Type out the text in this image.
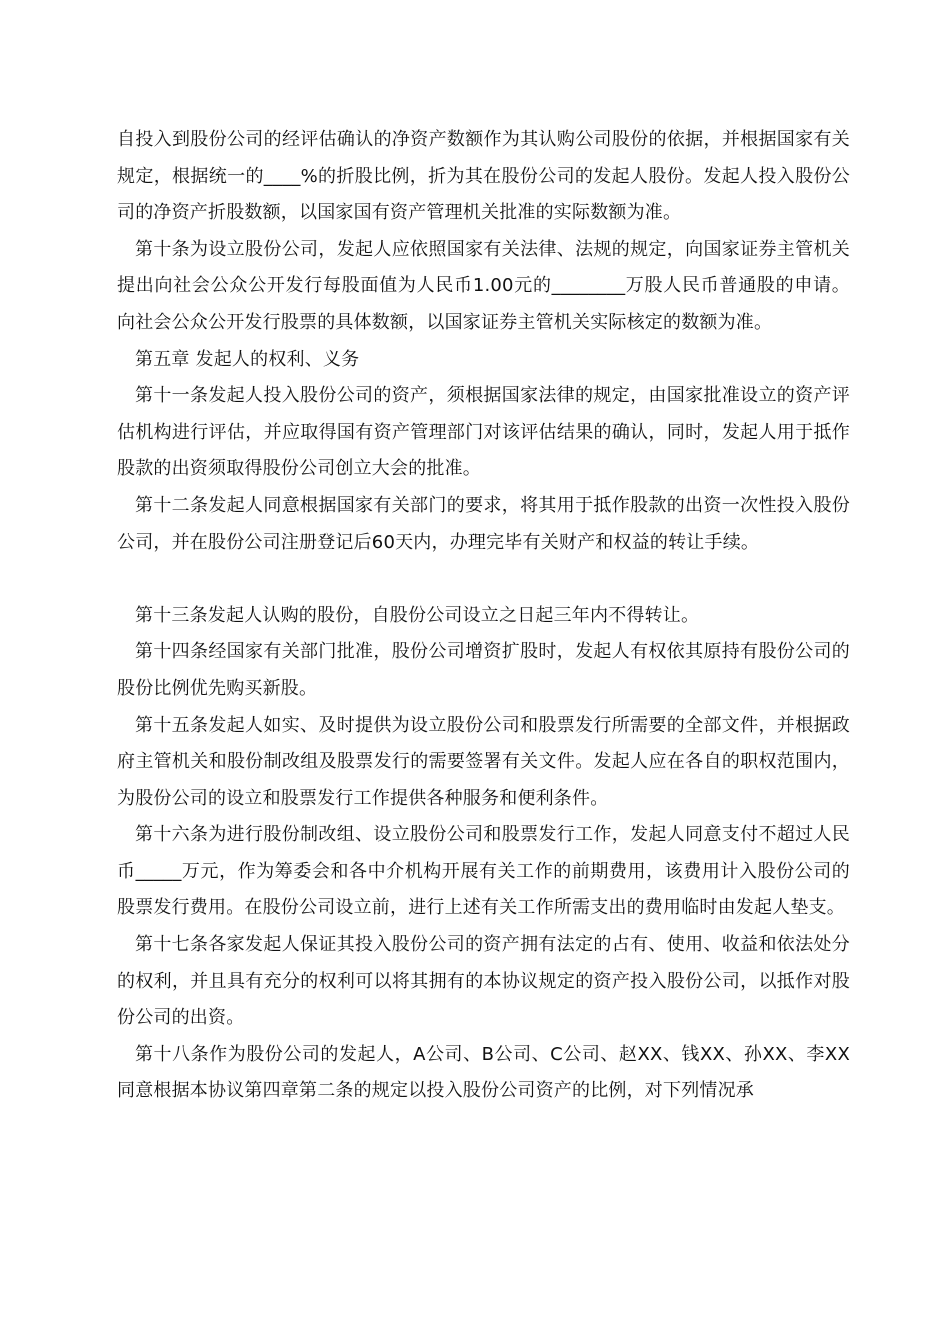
自投入到股份公司的经评估确认的净资产数额作为其认购公司股份的依据，并根据国家有关规定，根据统一的____%的折股比例，折为其在股份公司的发起人股份。发起人投入股份公司的净资产折股数额，以国家国有资产管理机关批准的实际数额为准。

第十条为设立股份公司，发起人应依照国家有关法律、法规的规定，向国家证券主管机关提出向社会公众公开发行每股面值为人民币1.00元的________万股人民币普通股的申请。向社会公众公开发行股票的具体数额，以国家证券主管机关实际核定的数额为准。

第五章 发起人的权利、义务

第十一条发起人投入股份公司的资产，须根据国家法律的规定，由国家批准设立的资产评估机构进行评估，并应取得国有资产管理部门对该评估结果的确认，同时，发起人用于抵作股款的出资须取得股份公司创立大会的批准。

第十二条发起人同意根据国家有关部门的要求，将其用于抵作股款的出资一次性投入股份公司，并在股份公司注册登记后60天内，办理完毕有关财产和权益的转让手续。

第十三条发起人认购的股份，自股份公司设立之日起三年内不得转让。

第十四条经国家有关部门批准，股份公司增资扩股时，发起人有权依其原持有股份公司的股份比例优先购买新股。

第十五条发起人如实、及时提供为设立股份公司和股票发行所需要的全部文件，并根据政府主管机关和股份制改组及股票发行的需要签署有关文件。发起人应在各自的职权范围内，为股份公司的设立和股票发行工作提供各种服务和便利条件。

第十六条为进行股份制改组、设立股份公司和股票发行工作，发起人同意支付不超过人民币_____万元，作为筹委会和各中介机构开展有关工作的前期费用，该费用计入股份公司的股票发行费用。在股份公司设立前，进行上述有关工作所需支出的费用临时由发起人垫支。

第十七条各家发起人保证其投入股份公司的资产拥有法定的占有、使用、收益和依法处分的权利，并且具有充分的权利可以将其拥有的本协议规定的资产投入股份公司，以抵作对股份公司的出资。

第十八条作为股份公司的发起人，A公司、B公司、C公司、赵XX、钱XX、孙XX、李XX同意根据本协议第四章第二条的规定以投入股份公司资产的比例，对下列情况承
